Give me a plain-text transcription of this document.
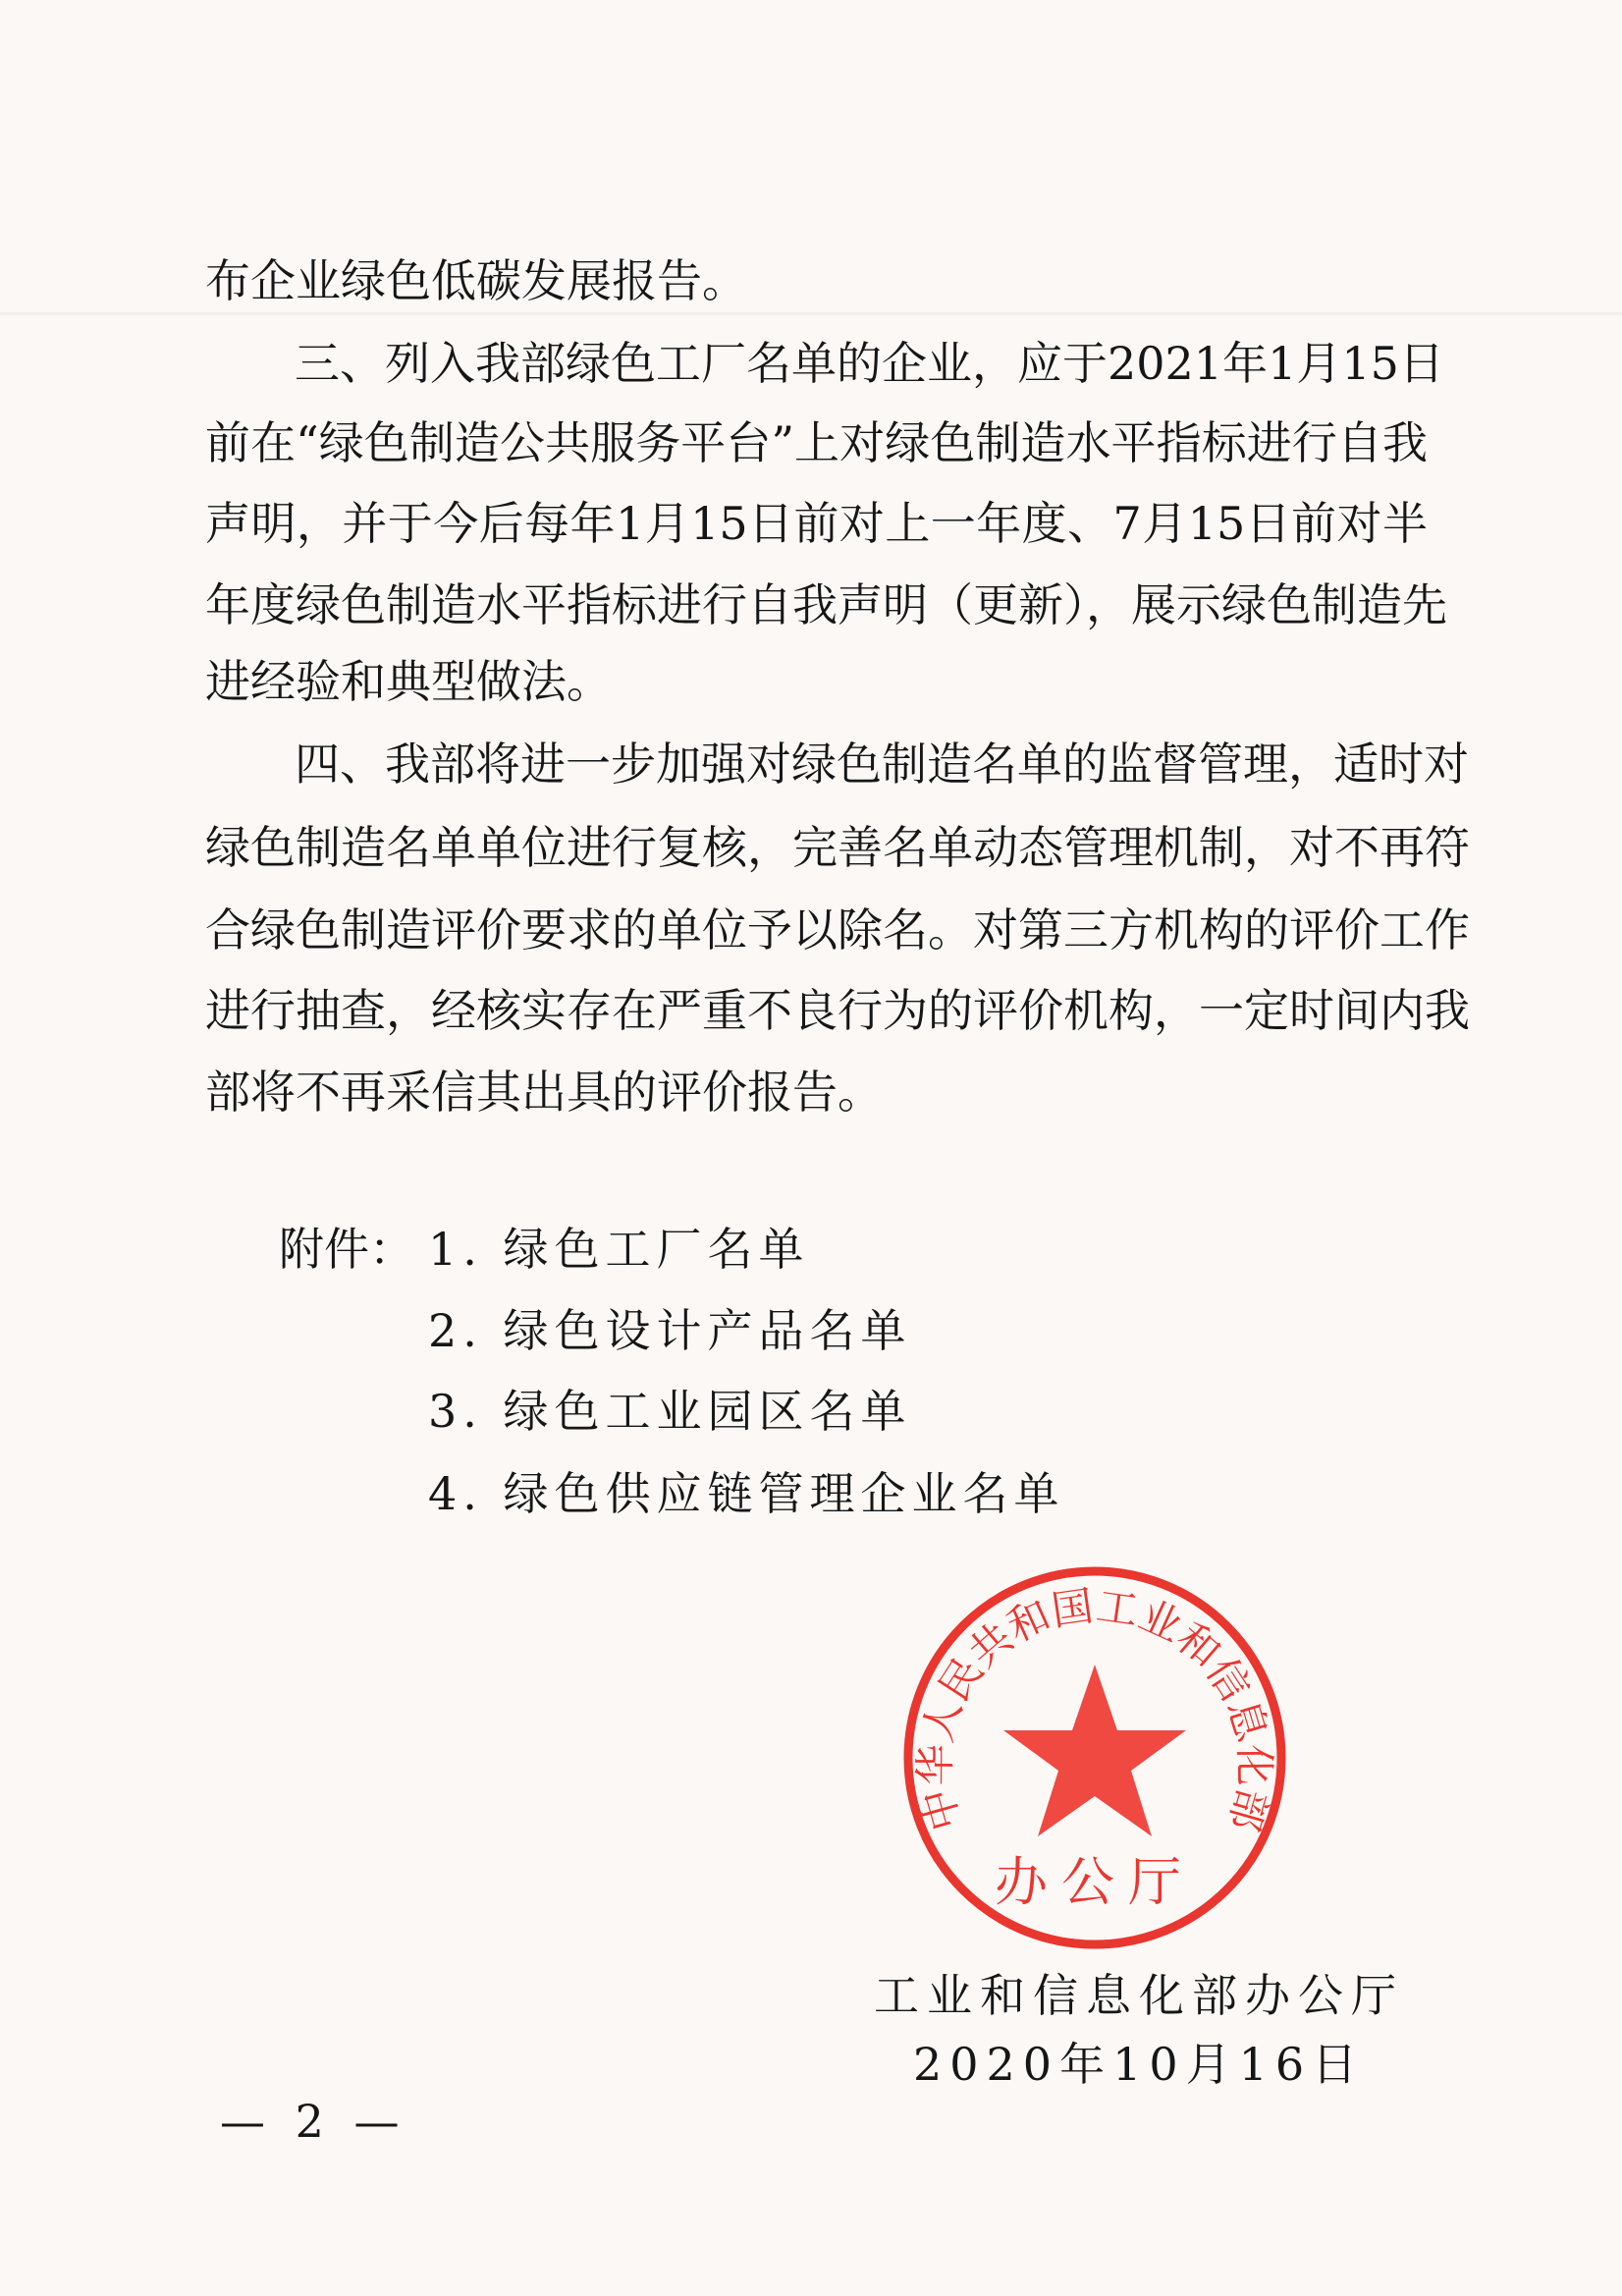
布企业绿色低碳发展报告。
三、列入我部绿色工厂名单的企业，应于2021年1月15日
前在“绿色制造公共服务平台”上对绿色制造水平指标进行自我
声明，并于今后每年1月15日前对上一年度、7月15日前对半
年度绿色制造水平指标进行自我声明（更新），展示绿色制造先
进经验和典型做法。
四、我部将进一步加强对绿色制造名单的监督管理，适时对
绿色制造名单单位进行复核，完善名单动态管理机制，对不再符
合绿色制造评价要求的单位予以除名。对第三方机构的评价工作
进行抽查，经核实存在严重不良行为的评价机构，一定时间内我
部将不再采信其出具的评价报告。
附件： 1. 绿色工厂名单
2. 绿色设计产品名单
3. 绿色工业园区名单
4. 绿色供应链管理企业名单
中华人民共和国工业和信息化部
办公厅
工业和信息化部办公厅
2020年10月16日
— 2 —
